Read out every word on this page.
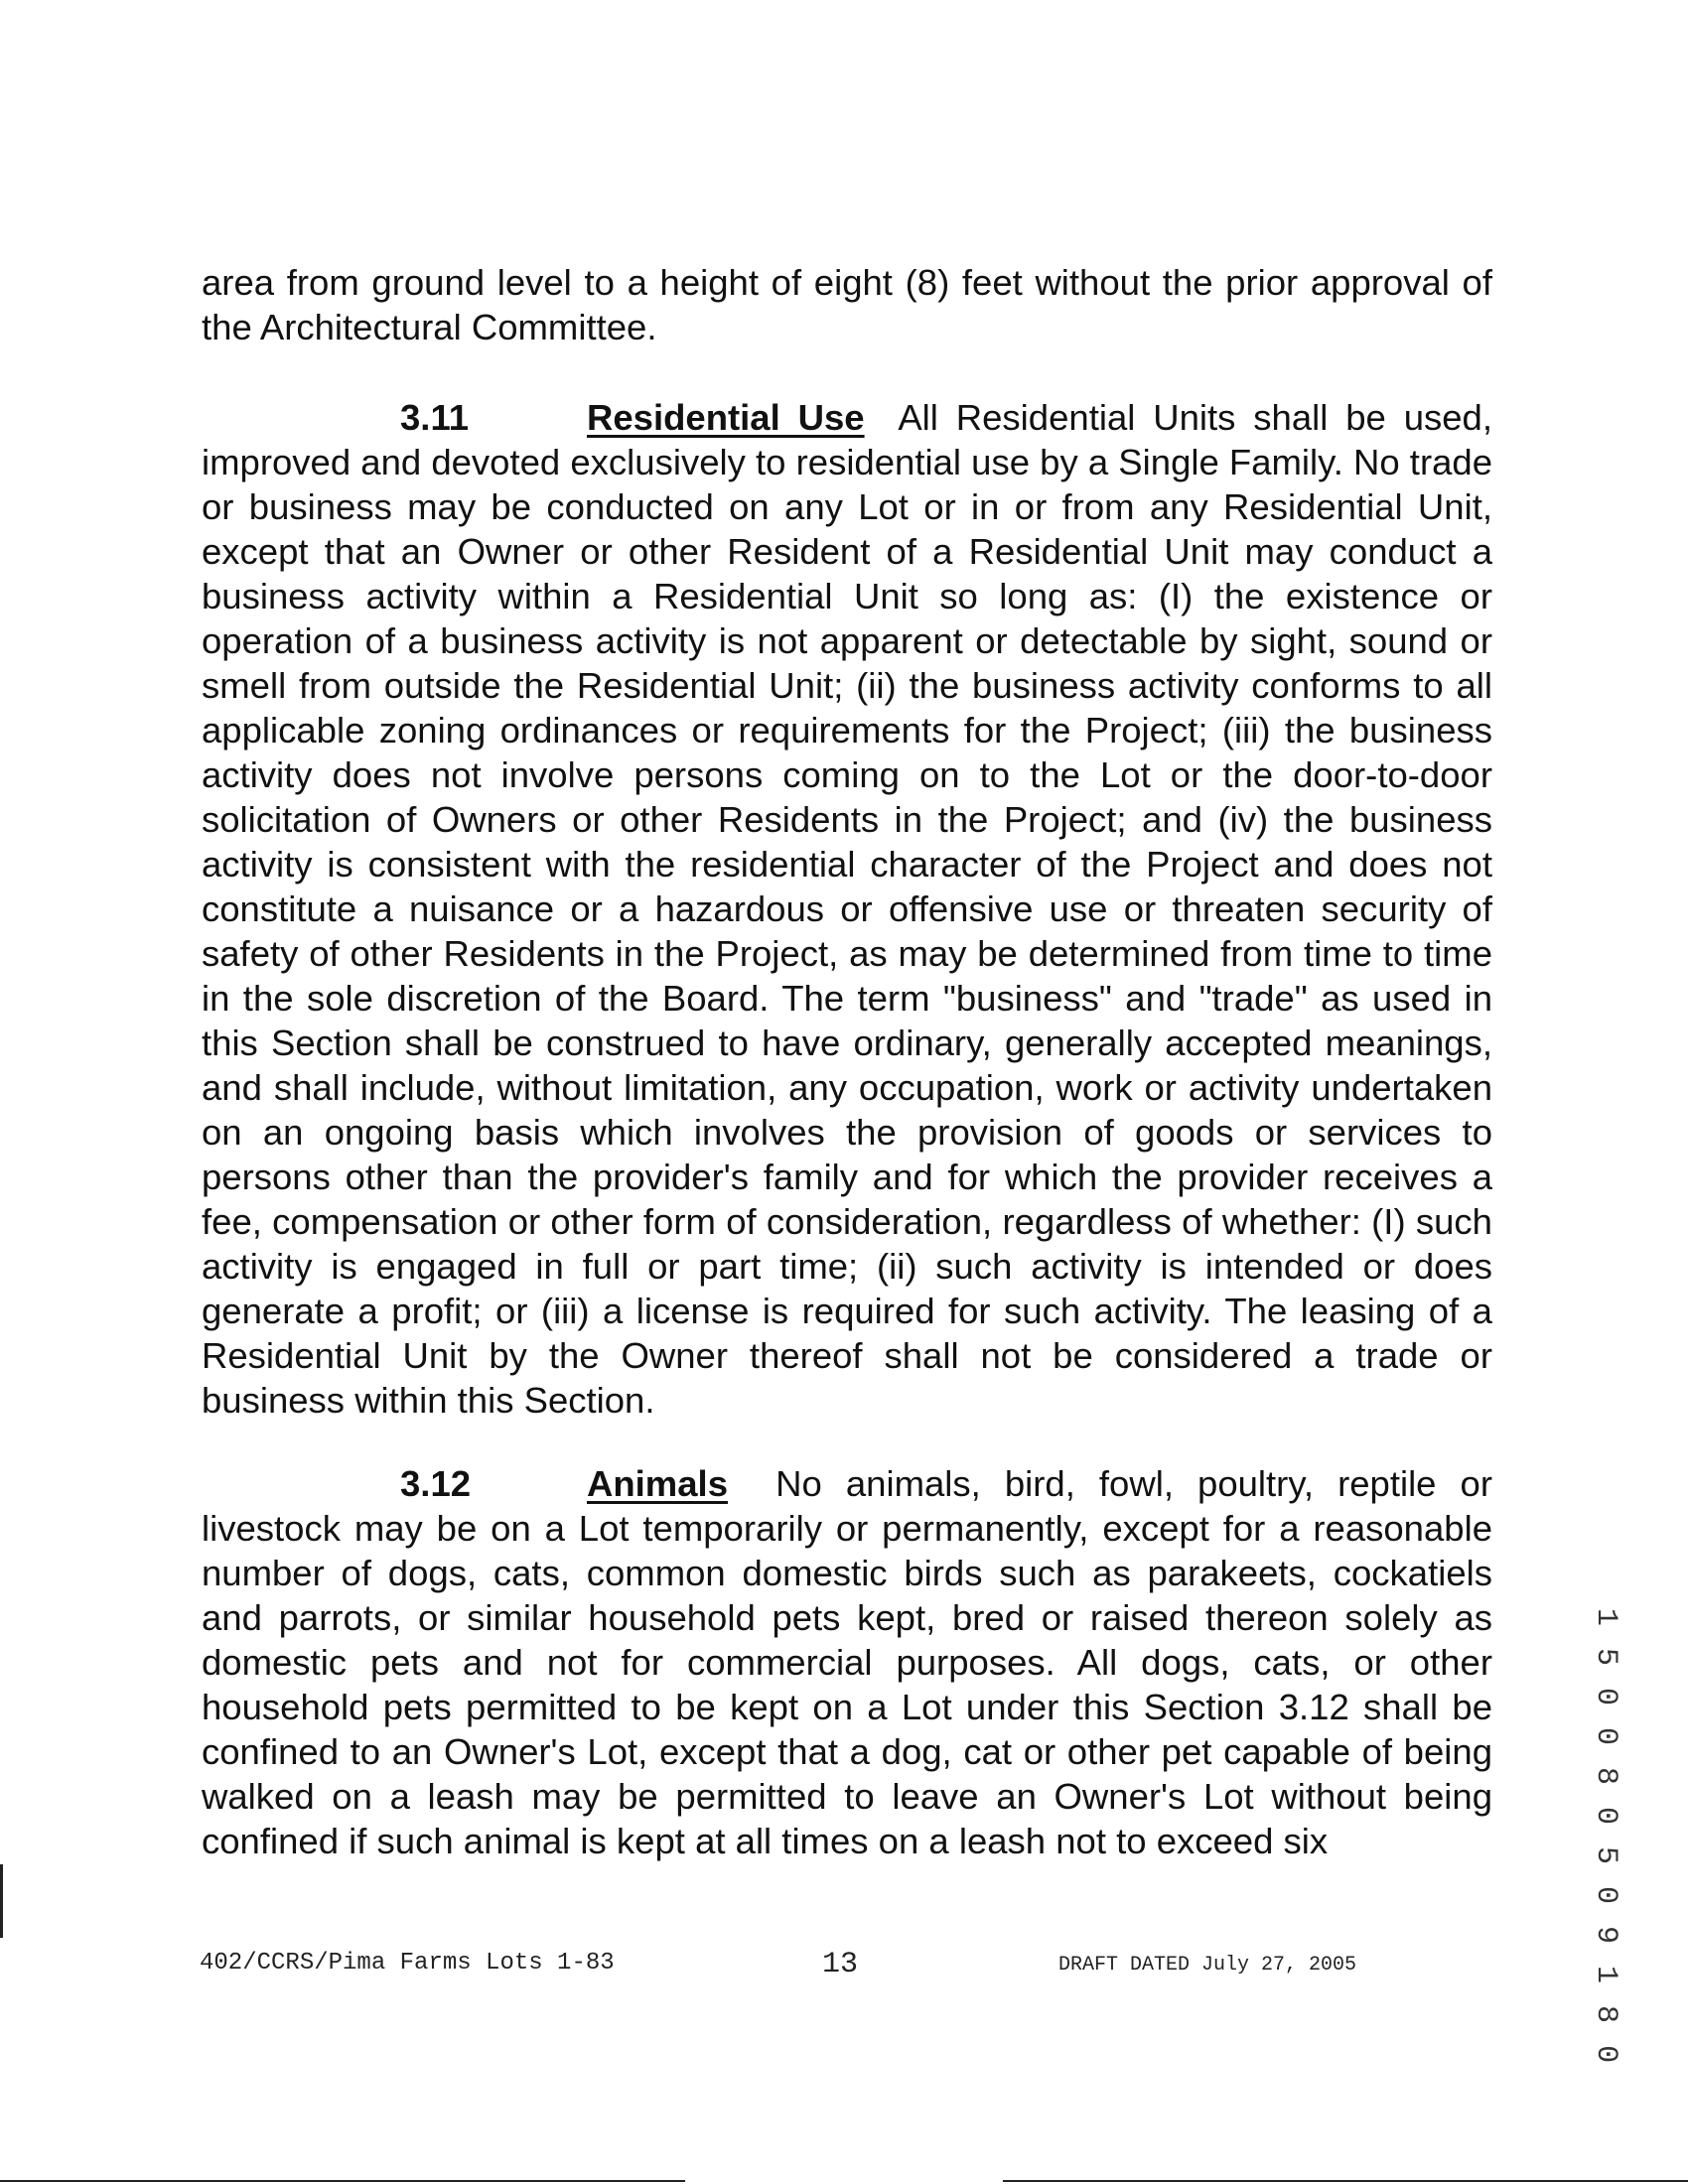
area from ground level to a height of eight (8) feet without the prior approval of the Architectural Committee.

3.11	Residential Use All Residential Units shall be used, improved and devoted exclusively to residential use by a Single Family. No trade or business may be conducted on any Lot or in or from any Residential Unit, except that an Owner or other Resident of a Residential Unit may conduct a business activity within a Residential Unit so long as: (I) the existence or operation of a business activity is not apparent or detectable by sight, sound or smell from outside the Residential Unit; (ii) the business activity conforms to all applicable zoning ordinances or requirements for the Project; (iii) the business activity does not involve persons coming on to the Lot or the door-to-door solicitation of Owners or other Residents in the Project; and (iv) the business activity is consistent with the residential character of the Project and does not constitute a nuisance or a hazardous or offensive use or threaten security of safety of other Residents in the Project, as may be determined from time to time in the sole discretion of the Board. The term "business" and "trade" as used in this Section shall be construed to have ordinary, generally accepted meanings, and shall include, without limitation, any occupation, work or activity undertaken on an ongoing basis which involves the provision of goods or services to persons other than the provider's family and for which the provider receives a fee, compensation or other form of consideration, regardless of whether: (I) such activity is engaged in full or part time; (ii) such activity is intended or does generate a profit; or (iii) a license is required for such activity. The leasing of a Residential Unit by the Owner thereof shall not be considered a trade or business within this Section.

3.12	Animals No animals, bird, fowl, poultry, reptile or livestock may be on a Lot temporarily or permanently, except for a reasonable number of dogs, cats, common domestic birds such as parakeets, cockatiels and parrots, or similar household pets kept, bred or raised thereon solely as domestic pets and not for commercial purposes. All dogs, cats, or other household pets permitted to be kept on a Lot under this Section 3.12 shall be confined to an Owner's Lot, except that a dog, cat or other pet capable of being walked on a leash may be permitted to leave an Owner's Lot without being confined if such animal is kept at all times on a leash not to exceed six	1 5 0 0 8 0 5 0 9 1 8 0
402/CCRS/Pima Farms Lots 1-83	13	DRAFT DATED July 27, 2005
